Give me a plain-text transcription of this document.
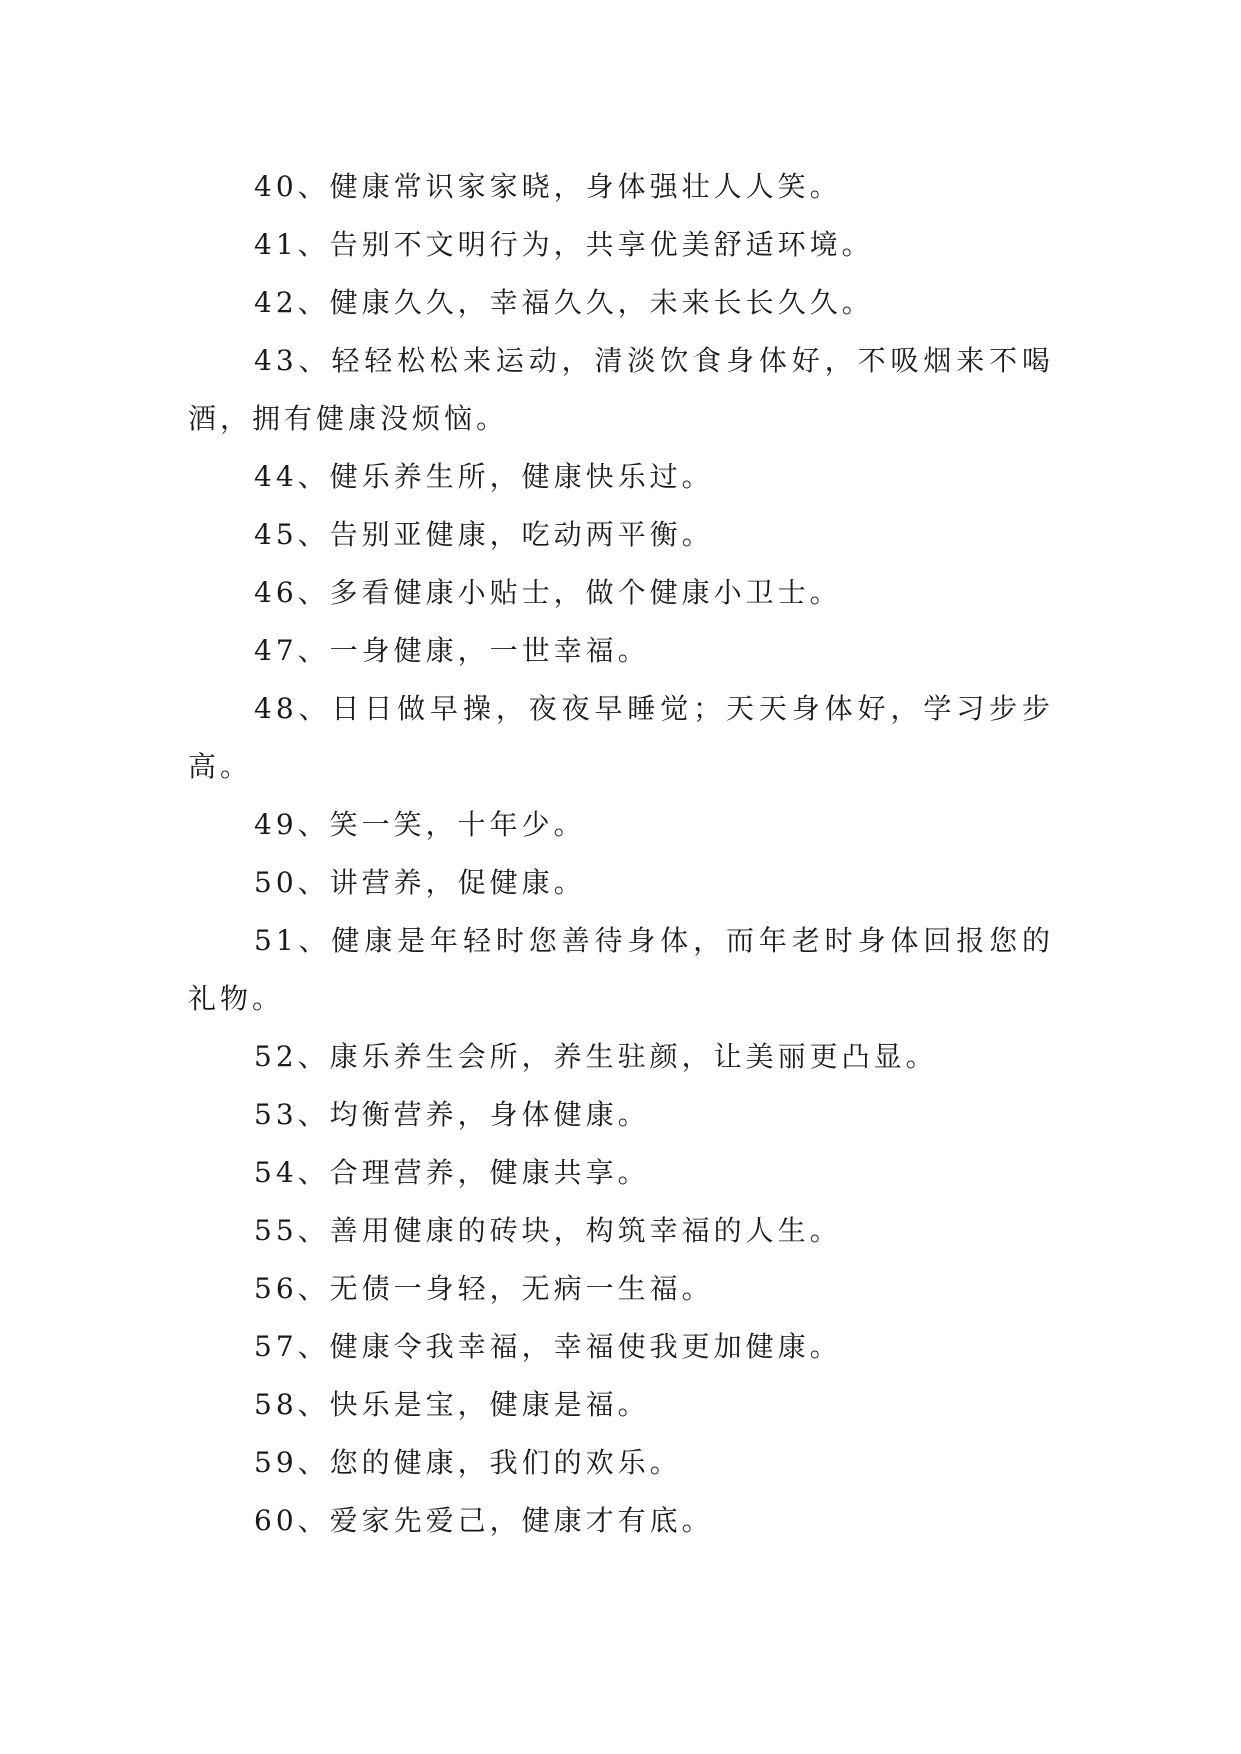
40、健康常识家家晓，身体强壮人人笑。

41、告别不文明行为，共享优美舒适环境。

42、健康久久，幸福久久，未来长长久久。

43、轻轻松松来运动，清淡饮食身体好，不吸烟来不喝酒，拥有健康没烦恼。

44、健乐养生所，健康快乐过。

45、告别亚健康，吃动两平衡。

46、多看健康小贴士，做个健康小卫士。

47、一身健康，一世幸福。

48、日日做早操，夜夜早睡觉；天天身体好，学习步步高。

49、笑一笑，十年少。

50、讲营养，促健康。

51、健康是年轻时您善待身体，而年老时身体回报您的礼物。

52、康乐养生会所，养生驻颜，让美丽更凸显。

53、均衡营养，身体健康。

54、合理营养，健康共享。

55、善用健康的砖块，构筑幸福的人生。

56、无债一身轻，无病一生福。

57、健康令我幸福，幸福使我更加健康。

58、快乐是宝，健康是福。

59、您的健康，我们的欢乐。

60、爱家先爱己，健康才有底。
